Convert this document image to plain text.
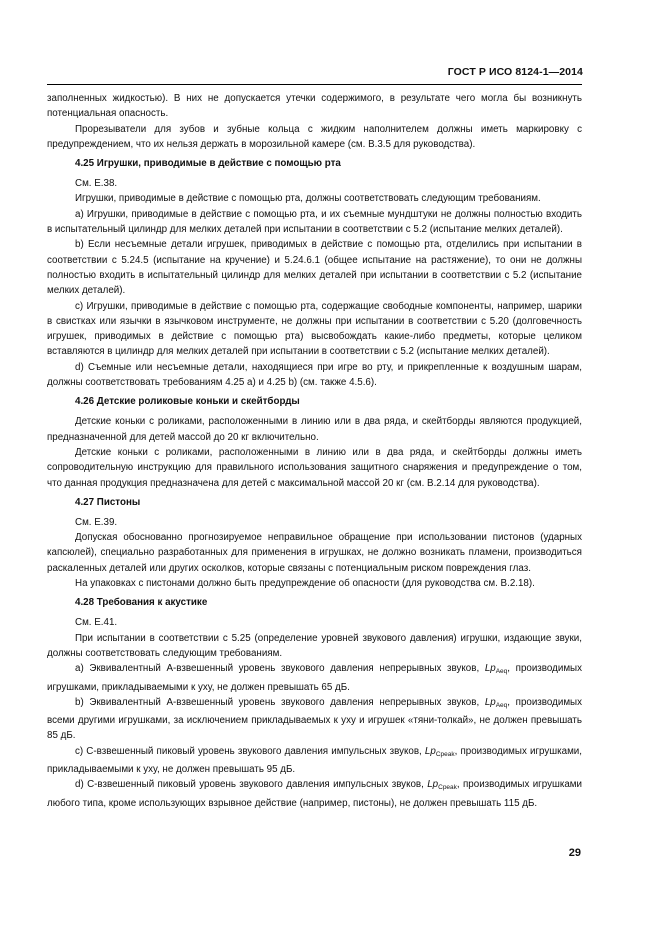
ГОСТ Р ИСО 8124-1—2014

заполненных жидкостью). В них не допускается утечки содержимого, в результате чего могла бы возникнуть потенциальная опасность.

Прорезыватели для зубов и зубные кольца с жидким наполнителем должны иметь маркировку с предупреждением, что их нельзя держать в морозильной камере (см. В.3.5 для руководства).

4.25 Игрушки, приводимые в действие с помощью рта

См. Е.38.

Игрушки, приводимые в действие с помощью рта, должны соответствовать следующим требованиям.

а) Игрушки, приводимые в действие с помощью рта, и их съемные мундштуки не должны полностью входить в испытательный цилиндр для мелких деталей при испытании в соответствии с 5.2 (испытание мелких деталей).

b) Если несъемные детали игрушек, приводимых в действие с помощью рта, отделились при испытании в соответствии с 5.24.5 (испытание на кручение) и 5.24.6.1 (общее испытание на растяжение), то они не должны полностью входить в испытательный цилиндр для мелких деталей при испытании в соответствии с 5.2 (испытание мелких деталей).

с) Игрушки, приводимые в действие с помощью рта, содержащие свободные компоненты, например, шарики в свистках или язычки в язычковом инструменте, не должны при испытании в соответствии с 5.20 (долговечность игрушек, приводимых в действие с помощью рта) высвобождать какие-либо предметы, которые целиком вставляются в цилиндр для мелких деталей при испытании в соответствии с 5.2 (испытание мелких деталей).

d) Съемные или несъемные детали, находящиеся при игре во рту, и прикрепленные к воздушным шарам, должны соответствовать требованиям 4.25 а) и 4.25 b) (см. также 4.5.6).

4.26 Детские роликовые коньки и скейтборды

Детские коньки с роликами, расположенными в линию или в два ряда, и скейтборды являются продукцией, предназначенной для детей массой до 20 кг включительно.

Детские коньки с роликами, расположенными в линию или в два ряда, и скейтборды должны иметь сопроводительную инструкцию для правильного использования защитного снаряжения и предупреждение о том, что данная продукция предназначена для детей с максимальной массой 20 кг (см. В.2.14 для руководства).

4.27 Пистоны

См. Е.39.

Допуская обоснованно прогнозируемое неправильное обращение при использовании пистонов (ударных капсюлей), специально разработанных для применения в игрушках, не должно возникать пламени, производиться раскаленных деталей или других осколков, которые связаны с потенциальным риском повреждения глаз.

На упаковках с пистонами должно быть предупреждение об опасности (для руководства см. В.2.18).

4.28 Требования к акустике

См. Е.41.

При испытании в соответствии с 5.25 (определение уровней звукового давления) игрушки, издающие звуки, должны соответствовать следующим требованиям.

а) Эквивалентный А-взвешенный уровень звукового давления непрерывных звуков, $Lp_{Aeq}$, производимых игрушками, прикладываемыми к уху, не должен превышать 65 дБ.

b) Эквивалентный А-взвешенный уровень звукового давления непрерывных звуков, $Lp_{Aeq}$, производимых всеми другими игрушками, за исключением прикладываемых к уху и игрушек «тяни-толкай», не должен превышать 85 дБ.

с) С-взвешенный пиковый уровень звукового давления импульсных звуков, $Lp_{Cpeak}$, производимых игрушками, прикладываемыми к уху, не должен превышать 95 дБ.

d) С-взвешенный пиковый уровень звукового давления импульсных звуков, $Lp_{Cpeak}$, производимых игрушками любого типа, кроме использующих взрывное действие (например, пистоны), не должен превышать 115 дБ.

29
